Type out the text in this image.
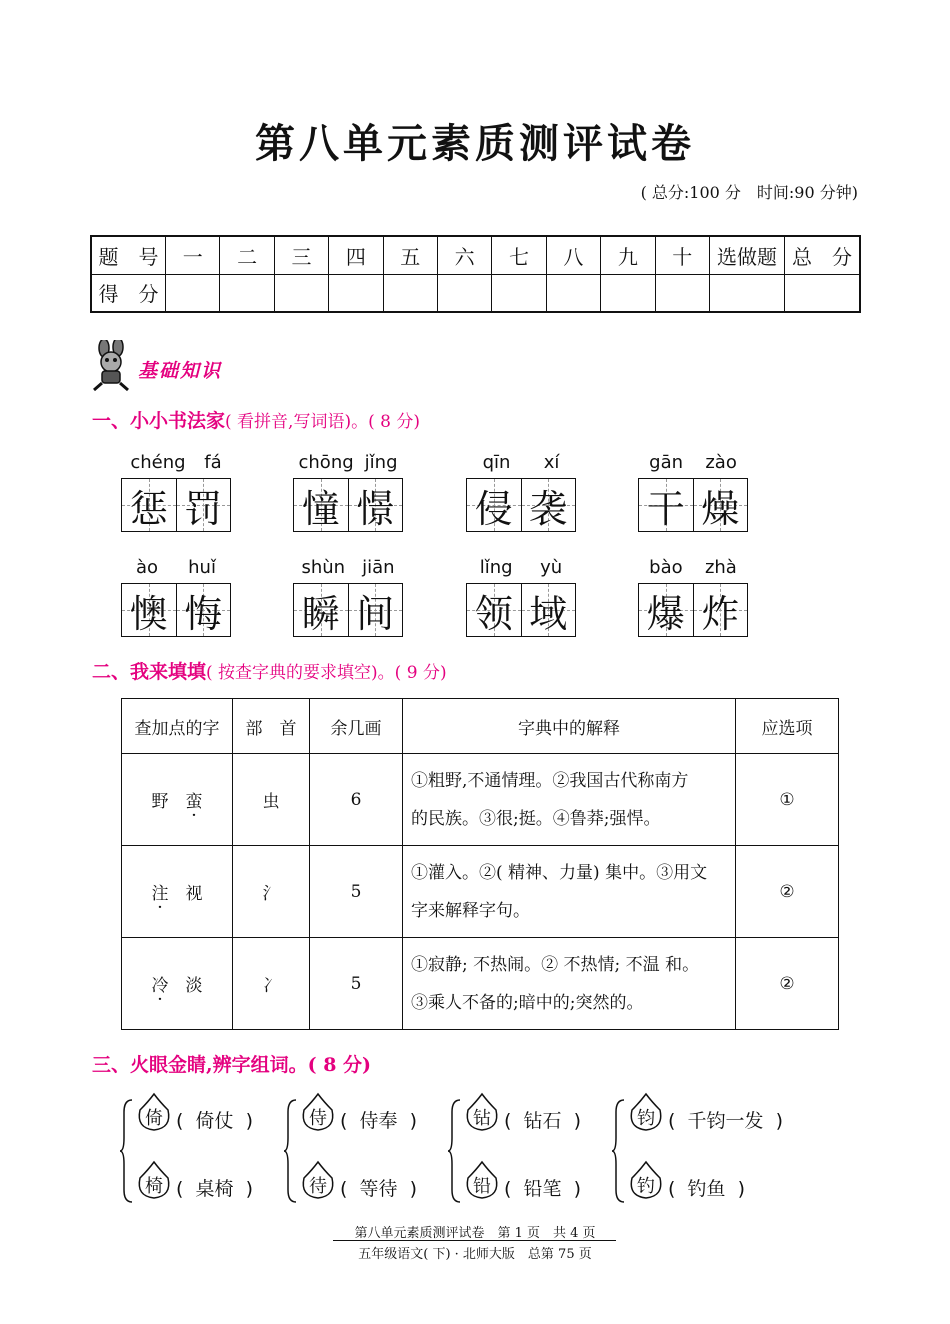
第八单元素质测评试卷
( 总分:100 分　时间:90 分钟)
题　号	一	二	三	四	五	六	七	八	九	十	选做题	总　分
得　分												
基础知识
一、小小书法家( 看拼音,写词语)。( 8 分)
chéng fá
惩 罚
chōng jǐng
憧 憬
qīn xí
侵 袭
gān zào
干 燥
ào huǐ
懊 悔
shùn jiān
瞬 间
lǐng yù
领 域
bào zhà
爆 炸
二、我来填填( 按查字典的要求填空)。( 9 分)
查加点的字	部　首	余几画	字典中的解释	应选项
野　 蛮	虫	6	①粗野,不通情理。②我国古代称南方
的民族。③很;挺。④鲁莽;强悍。	①
注　 视	氵	5	①灌入。②( 精神、力量) 集中。③用文
字来解释字句。	②
冷　 淡	冫	5	①寂静; 不热闹。② 不热情; 不温 和。
③乘人不备的;暗中的;突然的。	②
三、火眼金睛,辨字组词。( 8 分)
倚 ( 倚仗 )
椅 ( 桌椅 )
侍 ( 侍奉 )
待 ( 等待 )
钻 ( 钻石 )
铅 ( 铅笔 )
钧 ( 千钧一发 )
钓 ( 钓鱼 )
第八单元素质测评试卷　第 1 页　共 4 页
五年级语文( 下) · 北师大版　总第 75 页
